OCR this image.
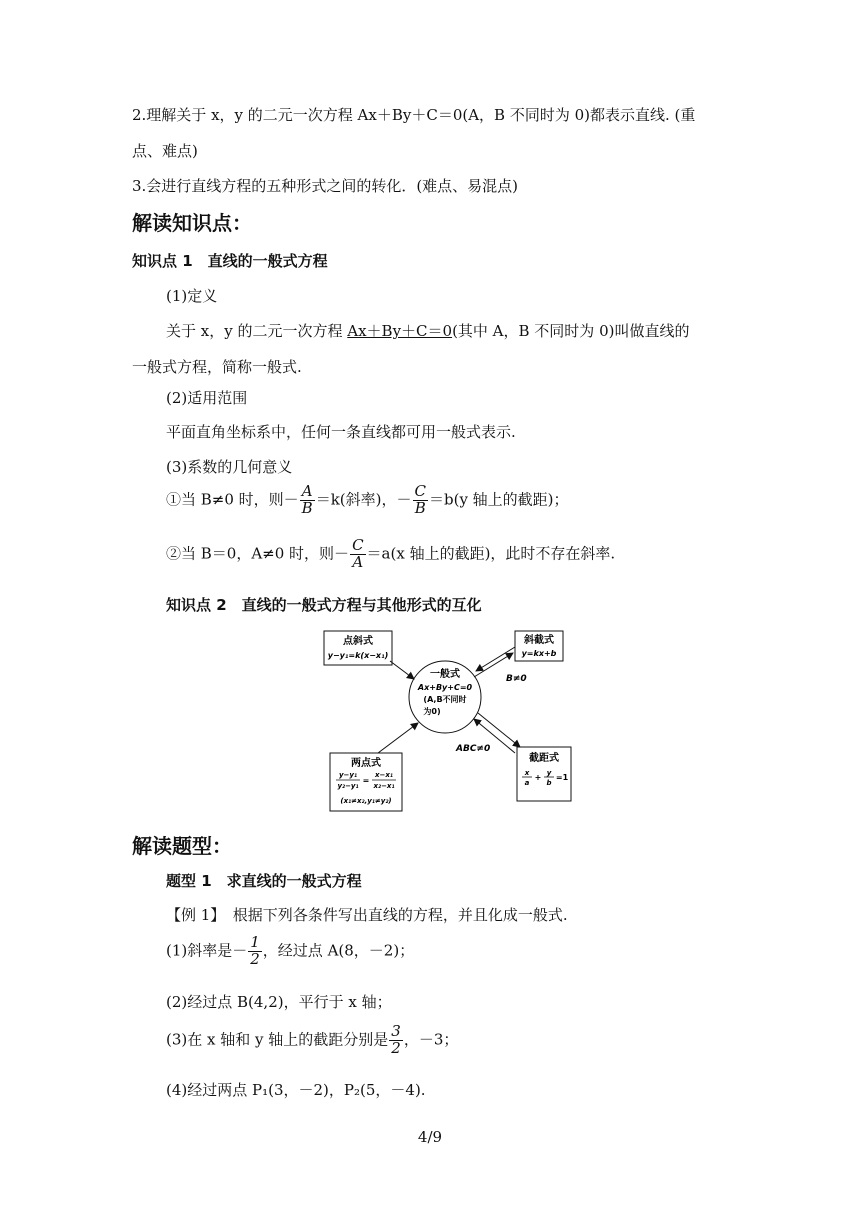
2.理解关于 x，y 的二元一次方程 Ax＋By＋C＝0(A，B 不同时为 0)都表示直线. (重
点、难点)
3.会进行直线方程的五种形式之间的转化．(难点、易混点)
解读知识点：
知识点 1　直线的一般式方程
(1)定义
关于 x，y 的二元一次方程 Ax＋By＋C＝0(其中 A，B 不同时为 0)叫做直线的
一般式方程，简称一般式.
(2)适用范围
平面直角坐标系中，任何一条直线都可用一般式表示.
(3)系数的几何意义
①当 B≠0 时，则－ $\frac{A}{B} =k$(斜率)，－ $\frac{C}{B} =b(y$ 轴上的截距)；
②当 B＝0，A≠0 时，则－ $\frac{C}{A} =a(x$ 轴上的截距)，此时不存在斜率.
知识点 2　直线的一般式方程与其他形式的互化
点斜式
y−y₁=k(x−x₁)
斜截式
y=kx+b
一般式
Ax+By+C=0
(A,B不同时
为0)
两点式
y−y₁
y₂−y₁
=
x−x₁
x₂−x₁
(x₁≠x₂,y₁≠y₂)
截距式
x
a
+ y
b
=1
B≠0
ABC≠0
解读题型：
题型 1　求直线的一般式方程
【例 1】　根据下列各条件写出直线的方程，并且化成一般式.
(1)斜率是－ $\frac{1}{2}$ ，经过点 A(8，－2)；
(2)经过点 B(4,2)，平行于 x 轴；
(3)在 x 轴和 y 轴上的截距分别是 $\frac{3}{2}$ ，－3；
(4)经过两点 P₁(3，－2)，P₂(5，－4).
4/9
